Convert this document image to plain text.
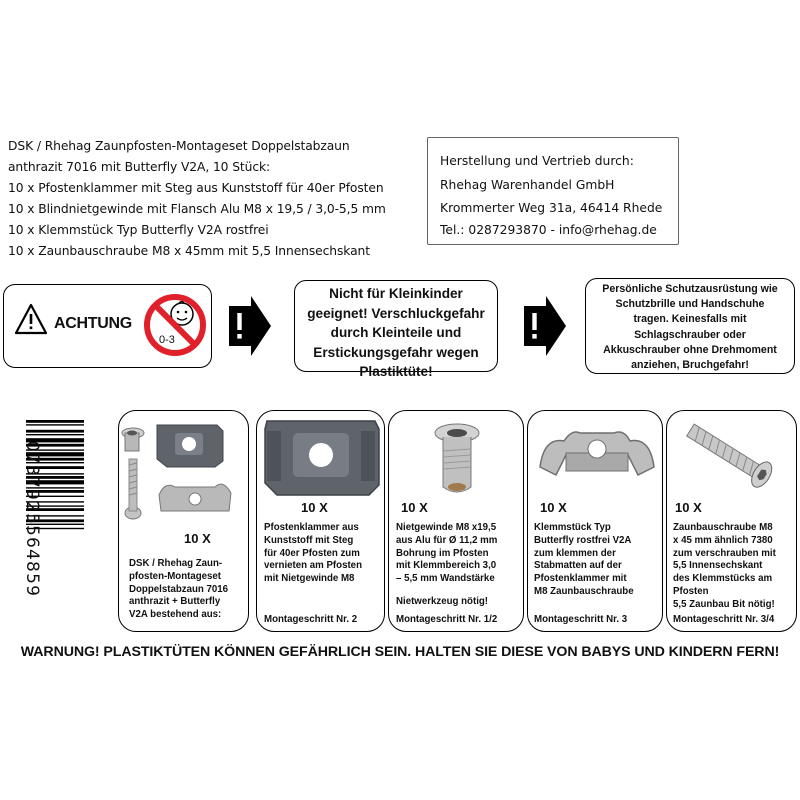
DSK / Rhehag Zaunpfosten-Montageset Doppelstabzaun
anthrazit 7016 mit Butterfly V2A, 10 Stück:
10 x Pfostenklammer mit Steg aus Kunststoff für 40er Pfosten
10 x Blindnietgewinde mit Flansch Alu M8 x 19,5 / 3,0-5,5 mm
10 x Klemmstück Typ Butterfly V2A rostfrei
10 x Zaunbauschraube M8 x 45mm mit 5,5 Innensechskant
Herstellung und Vertrieb durch:
Rhehag Warenhandel GmbH
Krommerter Weg 31a, 46414 Rhede
Tel.: 0287293870 - info@rhehag.de
ACHTUNG
0-3
Nicht für Kleinkinder
geeignet! Verschluckgefahr
durch Kleinteile und
Erstickungsgefahr wegen
Plastiktüte!
Persönliche Schutzausrüstung wie
Schutzbrille und Handschuhe
tragen. Keinesfalls mit
Schlagschrauber oder
Akkuschrauber ohne Drehmoment
anziehen, Bruchgefahr!
0737925564859	10 X
DSK / Rhehag Zaun-
pfosten-Montageset
Doppelstabzaun 7016
anthrazit + Butterfly
V2A bestehend aus:
10 X
Pfostenklammer aus
Kunststoff mit Steg
für 40er Pfosten zum
vernieten am Pfosten
mit Nietgewinde M8
Montageschritt Nr. 2
10 X
Nietgewinde M8 x19,5
aus Alu für Ø 11,2 mm
Bohrung im Pfosten
mit Klemmbereich 3,0
– 5,5 mm Wandstärke
Nietwerkzeug nötig!
Montageschritt Nr. 1/2
10 X
Klemmstück Typ
Butterfly rostfrei V2A
zum klemmen der
Stabmatten auf der
Pfostenklammer mit
M8 Zaunbauschraube
Montageschritt Nr. 3
10 X
Zaunbauschraube M8
x 45 mm ähnlich 7380
zum verschrauben mit
5,5 Innensechskant
des Klemmstücks am
Pfosten
5,5 Zaunbau Bit nötig!
Montageschritt Nr. 3/4
WARNUNG! PLASTIKTÜTEN KÖNNEN GEFÄHRLICH SEIN. HALTEN SIE DIESE VON BABYS UND KINDERN FERN!
